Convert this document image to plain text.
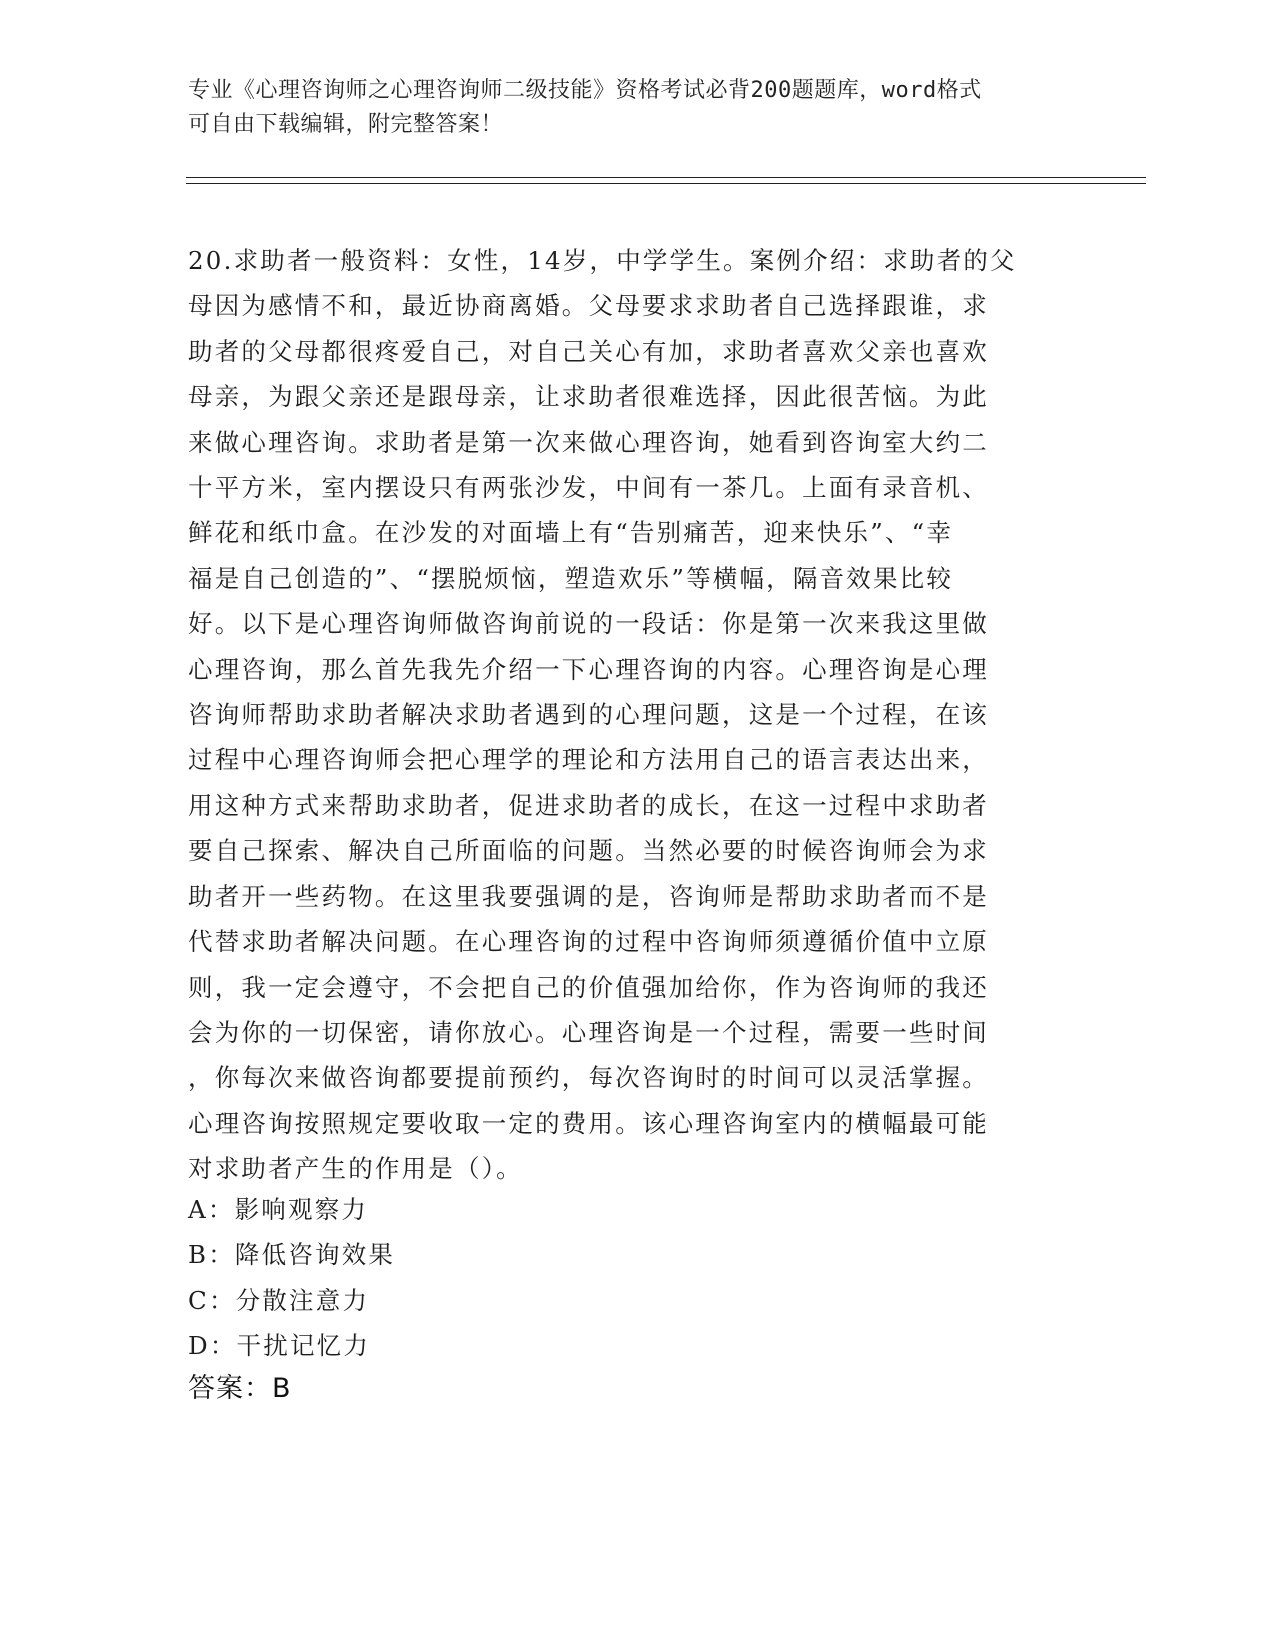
专业《心理咨询师之心理咨询师二级技能》资格考试必背200题题库，word格式
可自由下载编辑，附完整答案！
20.求助者一般资料：女性，14岁，中学学生。案例介绍：求助者的父
母因为感情不和，最近协商离婚。父母要求求助者自己选择跟谁，求
助者的父母都很疼爱自己，对自己关心有加，求助者喜欢父亲也喜欢
母亲，为跟父亲还是跟母亲，让求助者很难选择，因此很苦恼。为此
来做心理咨询。求助者是第一次来做心理咨询，她看到咨询室大约二
十平方米，室内摆设只有两张沙发，中间有一茶几。上面有录音机、
鲜花和纸巾盒。在沙发的对面墙上有“告别痛苦，迎来快乐”、“幸
福是自己创造的”、“摆脱烦恼，塑造欢乐”等横幅，隔音效果比较
好。以下是心理咨询师做咨询前说的一段话：你是第一次来我这里做
心理咨询，那么首先我先介绍一下心理咨询的内容。心理咨询是心理
咨询师帮助求助者解决求助者遇到的心理问题，这是一个过程，在该
过程中心理咨询师会把心理学的理论和方法用自己的语言表达出来，
用这种方式来帮助求助者，促进求助者的成长，在这一过程中求助者
要自己探索、解决自己所面临的问题。当然必要的时候咨询师会为求
助者开一些药物。在这里我要强调的是，咨询师是帮助求助者而不是
代替求助者解决问题。在心理咨询的过程中咨询师须遵循价值中立原
则，我一定会遵守，不会把自己的价值强加给你，作为咨询师的我还
会为你的一切保密，请你放心。心理咨询是一个过程，需要一些时间
，你每次来做咨询都要提前预约，每次咨询时的时间可以灵活掌握。
心理咨询按照规定要收取一定的费用。该心理咨询室内的横幅最可能
对求助者产生的作用是（）。
A：影响观察力
B：降低咨询效果
C：分散注意力
D：干扰记忆力
答案：B
